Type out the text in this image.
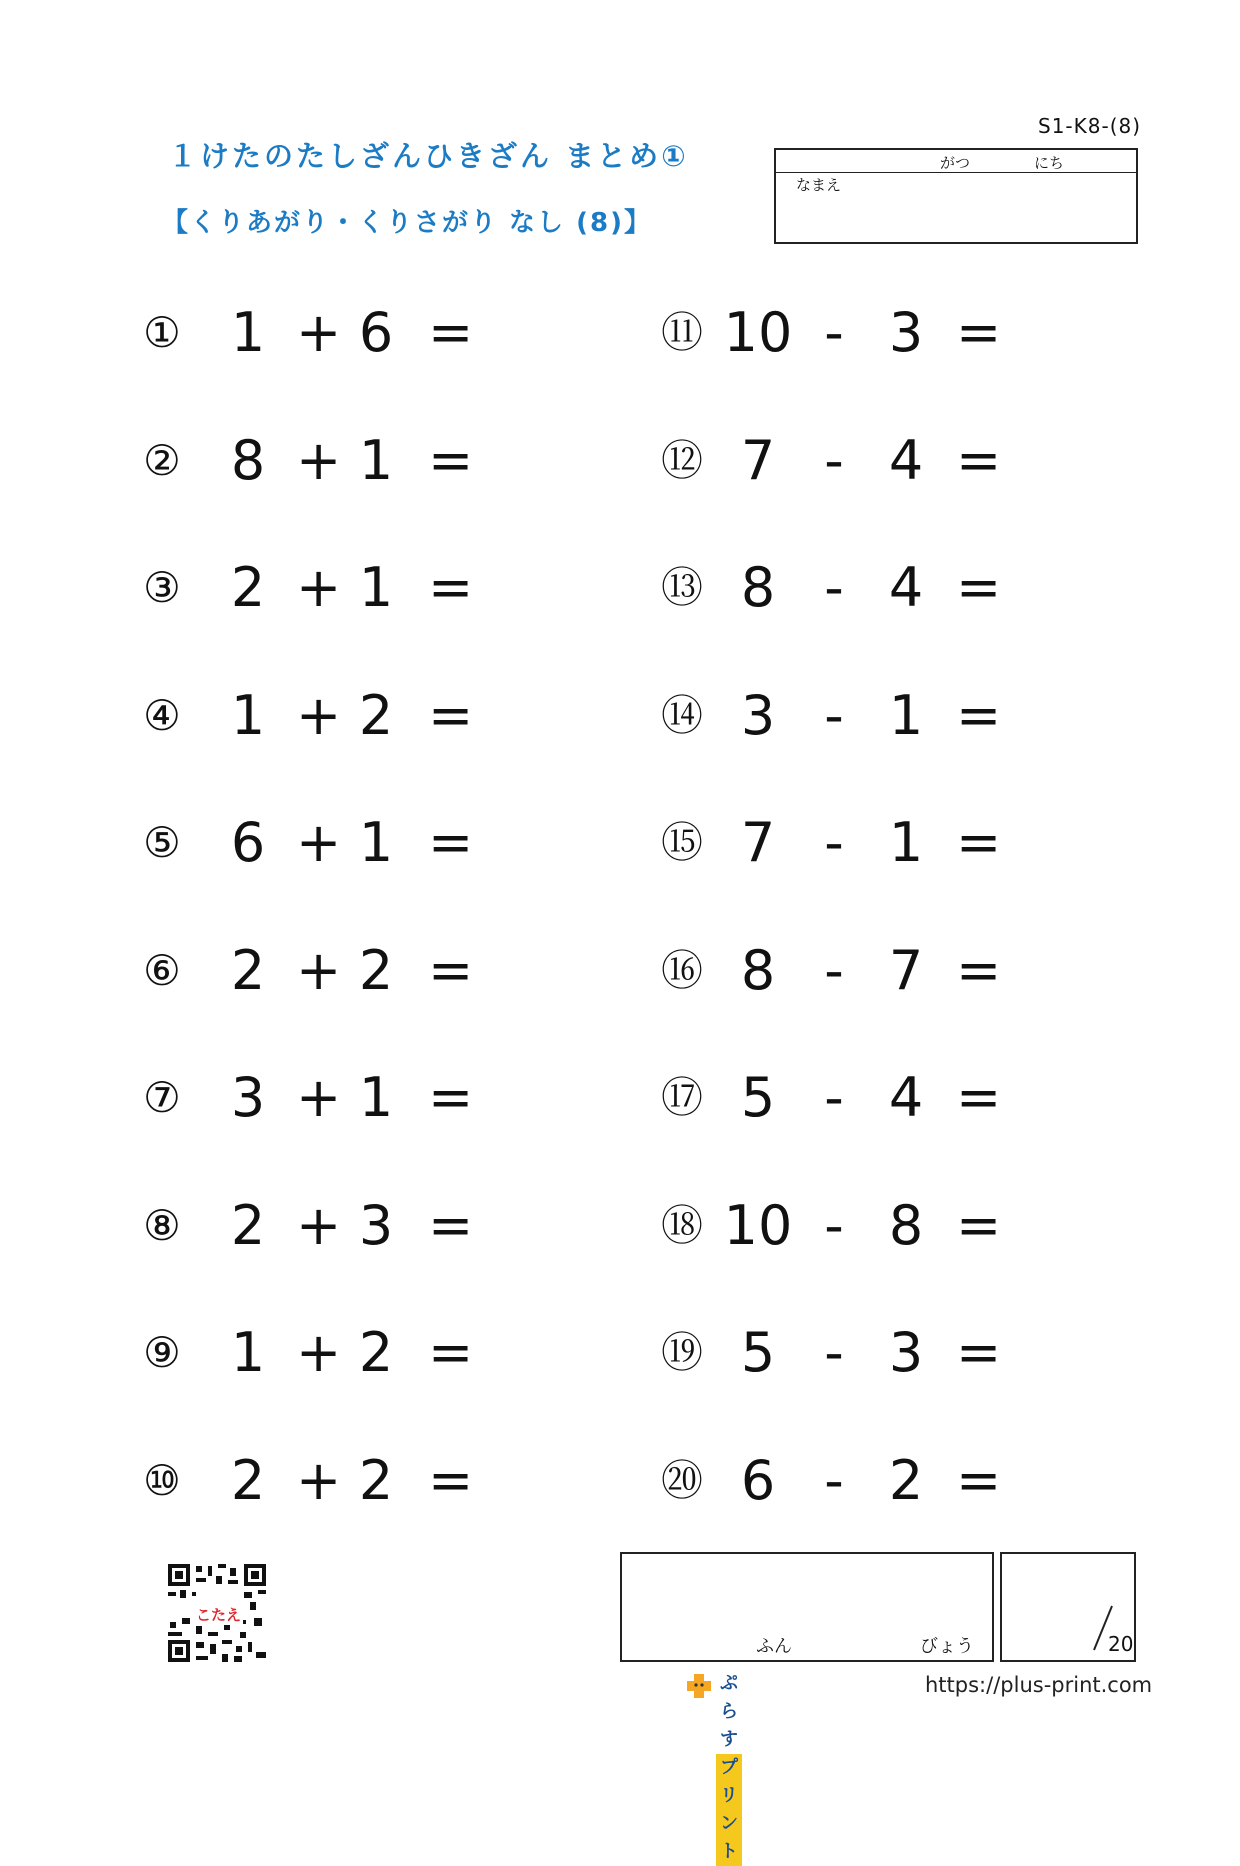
S1-K8-(8)
１けたのたしざんひきざん まとめ①
【くりあがり・くりさがり なし (8)】
がつ	にち
なまえ
① 1 + 6 =
② 8 + 1 =
③ 2 + 1 =
④ 1 + 2 =
⑤ 6 + 1 =
⑥ 2 + 2 =
⑦ 3 + 1 =
⑧ 2 + 3 =
⑨ 1 + 2 =
⑩ 2 + 2 =
⑪ 10 - 3 =
⑫ 7 - 4 =
⑬ 8 - 4 =
⑭ 3 - 1 =
⑮ 7 - 1 =
⑯ 8 - 7 =
⑰ 5 - 4 =
⑱ 10 - 8 =
⑲ 5 - 3 =
⑳ 6 - 2 =
こたえ
ふん	びょう	20
ぷらすプリント
https://plus-print.com
